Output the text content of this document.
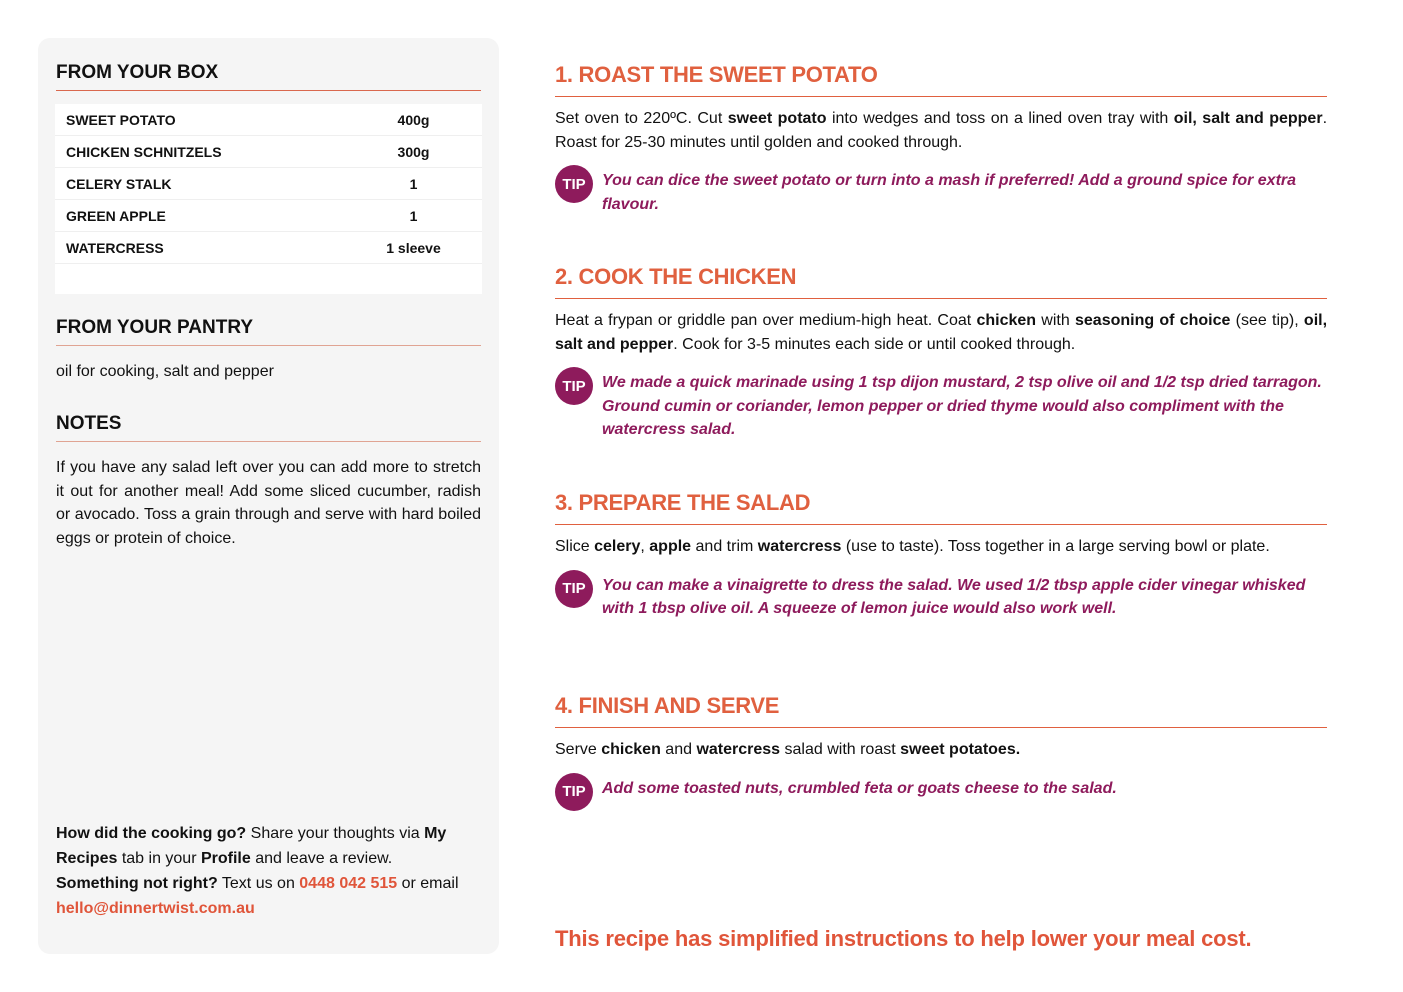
FROM YOUR BOX
SWEET POTATO	400g
CHICKEN SCHNITZELS	300g
CELERY STALK	1
GREEN APPLE	1
WATERCRESS	1 sleeve
FROM YOUR PANTRY
oil for cooking, salt and pepper
NOTES
If you have any salad left over you can add more to stretch it out for another meal! Add some sliced cucumber, radish or avocado. Toss a grain through and serve with hard boiled eggs or protein of choice.
How did the cooking go? Share your thoughts via My Recipes tab in your Profile and leave a review.
Something not right? Text us on 0448 042 515 or email hello@dinnertwist.com.au
1. ROAST THE SWEET POTATO
Set oven to 220ºC. Cut sweet potato into wedges and toss on a lined oven tray with oil, salt and pepper. Roast for 25-30 minutes until golden and cooked through.
TIP	You can dice the sweet potato or turn into a mash if preferred! Add a ground spice for extra flavour.
2. COOK THE CHICKEN
Heat a frypan or griddle pan over medium-high heat. Coat chicken with seasoning of choice (see tip), oil, salt and pepper. Cook for 3-5 minutes each side or until cooked through.
TIP	We made a quick marinade using 1 tsp dijon mustard, 2 tsp olive oil and 1/2 tsp dried tarragon. Ground cumin or coriander, lemon pepper or dried thyme would also compliment with the watercress salad.
3. PREPARE THE SALAD
Slice celery, apple and trim watercress (use to taste). Toss together in a large serving bowl or plate.
TIP	You can make a vinaigrette to dress the salad. We used 1/2 tbsp apple cider vinegar whisked with 1 tbsp olive oil. A squeeze of lemon juice would also work well.
4. FINISH AND SERVE
Serve chicken and watercress salad with roast sweet potatoes.
TIP	Add some toasted nuts, crumbled feta or goats cheese to the salad.
This recipe has simplified instructions to help lower your meal cost.
